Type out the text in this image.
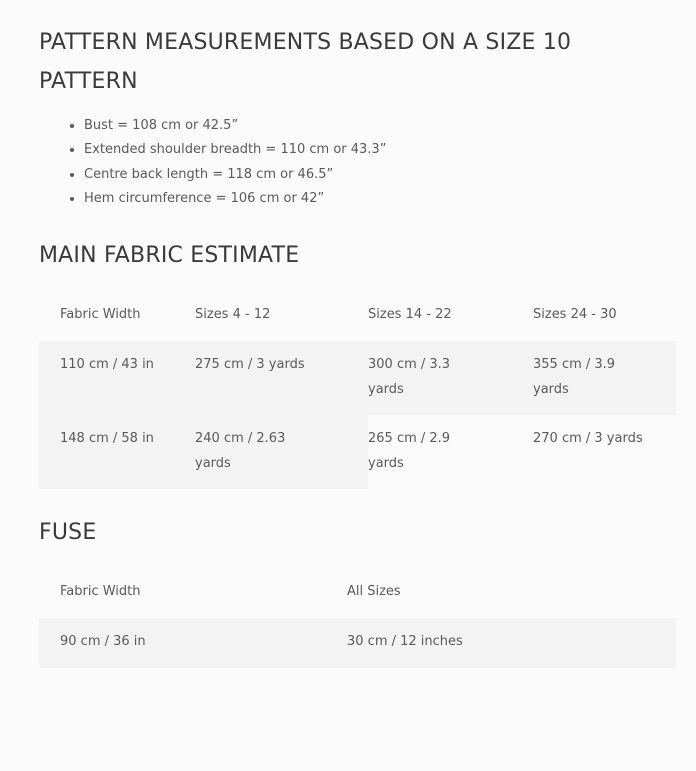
PATTERN MEASUREMENTS BASED ON A SIZE 10 PATTERN
Bust = 108 cm or 42.5”
Extended shoulder breadth = 110 cm or 43.3”
Centre back length = 118 cm or 46.5”
Hem circumference = 106 cm or 42”
MAIN FABRIC ESTIMATE
Fabric Width	Sizes 4 - 12	Sizes 14 - 22	Sizes 24 - 30
110 cm / 43 in	275 cm / 3 yards	300 cm / 3.3 yards	355 cm / 3.9 yards
148 cm / 58 in	240 cm / 2.63 yards	265 cm / 2.9 yards	270 cm / 3 yards
FUSE
Fabric Width	All Sizes
90 cm / 36 in	30 cm / 12 inches
